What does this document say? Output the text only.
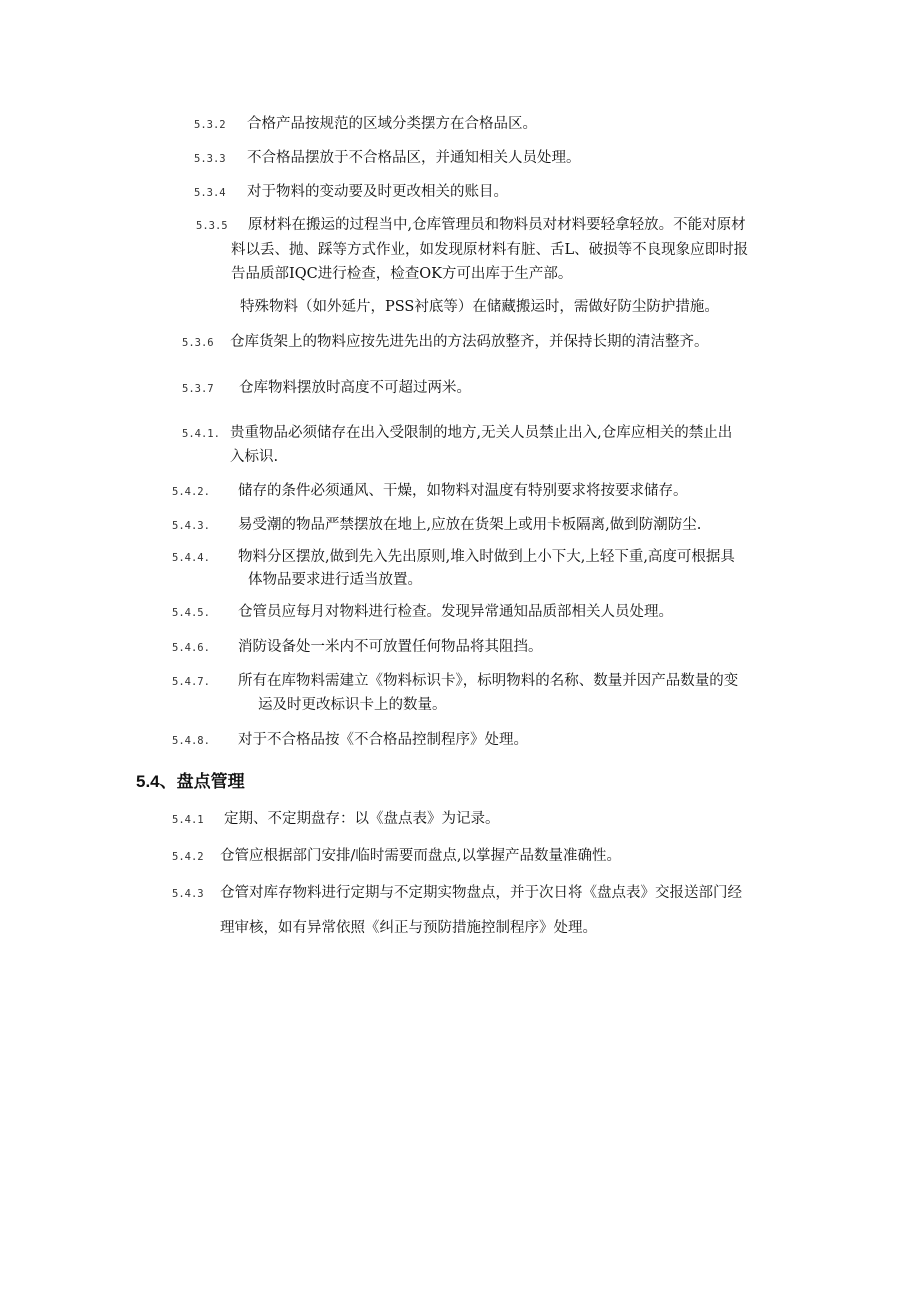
5.3.2 合格产品按规范的区域分类摆方在合格品区。
5.3.3 不合格品摆放于不合格品区，并通知相关人员处理。
5.3.4 对于物料的变动要及时更改相关的账目。
5.3.5 原材料在搬运的过程当中,仓库管理员和物料员对材料要轻拿轻放。不能对原材
料以丢、抛、踩等方式作业，如发现原材料有脏、舌L、破损等不良现象应即时报
告品质部IQC进行检查，检查OK方可出库于生产部。
特殊物料（如外延片，PSS衬底等）在储藏搬运时，需做好防尘防护措施。
5.3.6 仓库货架上的物料应按先进先出的方法码放整齐，并保持长期的清洁整齐。
5.3.7 仓库物料摆放时高度不可超过两米。
5.4.1. 贵重物品必须储存在出入受限制的地方,无关人员禁止出入,仓库应相关的禁止出
入标识.
5.4.2. 储存的条件必须通风、干燥，如物料对温度有特别要求将按要求储存。
5.4.3. 易受潮的物品严禁摆放在地上,应放在货架上或用卡板隔离,做到防潮防尘.
5.4.4. 物料分区摆放,做到先入先出原则,堆入时做到上小下大,上轻下重,高度可根据具
体物品要求进行适当放置。
5.4.5. 仓管员应每月对物料进行检查。发现异常通知品质部相关人员处理。
5.4.6. 消防设备处一米内不可放置任何物品将其阻挡。
5.4.7. 所有在库物料需建立《物料标识卡》，标明物料的名称、数量并因产品数量的变
运及时更改标识卡上的数量。
5.4.8. 对于不合格品按《不合格品控制程序》处理。
5.4、盘点管理
5.4.1 定期、不定期盘存：以《盘点表》为记录。
5.4.2 仓管应根据部门安排/临时需要而盘点,以掌握产品数量准确性。
5.4.3 仓管对库存物料进行定期与不定期实物盘点，并于次日将《盘点表》交报送部门经
理审核，如有异常依照《纠正与预防措施控制程序》处理。
